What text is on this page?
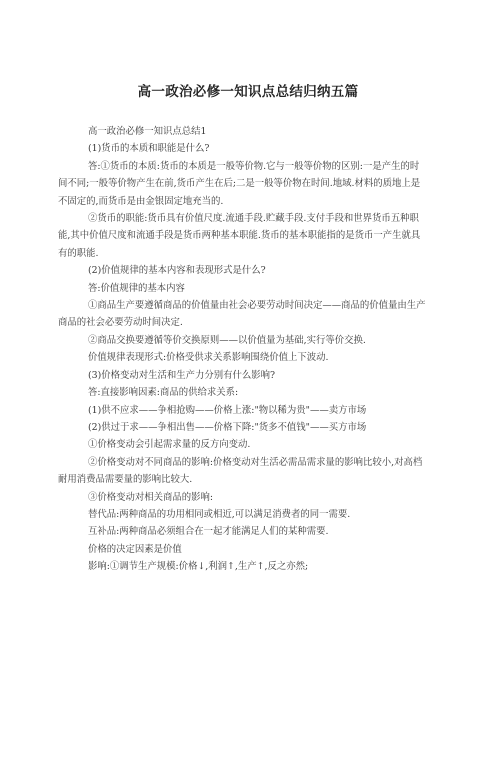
高一政治必修一知识点总结归纳五篇

高一政治必修一知识点总结1

(1)货币的本质和职能是什么?

答:①货币的本质:货币的本质是一般等价物.它与一般等价物的区别:一是产生的时间不同;一般等价物产生在前,货币产生在后;二是一般等价物在时间.地域.材料的质地上是不固定的,而货币是由金银固定地充当的.

②货币的职能:货币具有价值尺度.流通手段.贮藏手段.支付手段和世界货币五种职能,其中价值尺度和流通手段是货币两种基本职能.货币的基本职能指的是货币一产生就具有的职能.

(2)价值规律的基本内容和表现形式是什么?

答:价值规律的基本内容

①商品生产要遵循商品的价值量由社会必要劳动时间决定——商品的价值量由生产商品的社会必要劳动时间决定.

②商品交换要遵循等价交换原则——以价值量为基础,实行等价交换.

价值规律表现形式:价格受供求关系影响围绕价值上下波动.

(3)价格变动对生活和生产力分别有什么影响?

答:直接影响因素:商品的供给求关系:

(1)供不应求——争相抢购——价格上涨:"物以稀为贵"——卖方市场

(2)供过于求——争相出售——价格下降:"货多不值钱"——买方市场

①价格变动会引起需求量的反方向变动.

②价格变动对不同商品的影响:价格变动对生活必需品需求量的影响比较小,对高档耐用消费品需要量的影响比较大.

③价格变动对相关商品的影响:

替代品:两种商品的功用相同或相近,可以满足消费者的同一需要.

互补品:两种商品必须组合在一起才能满足人们的某种需要.

价格的决定因素是价值

影响:①调节生产规模:价格↓,利润↑,生产↑,反之亦然;
